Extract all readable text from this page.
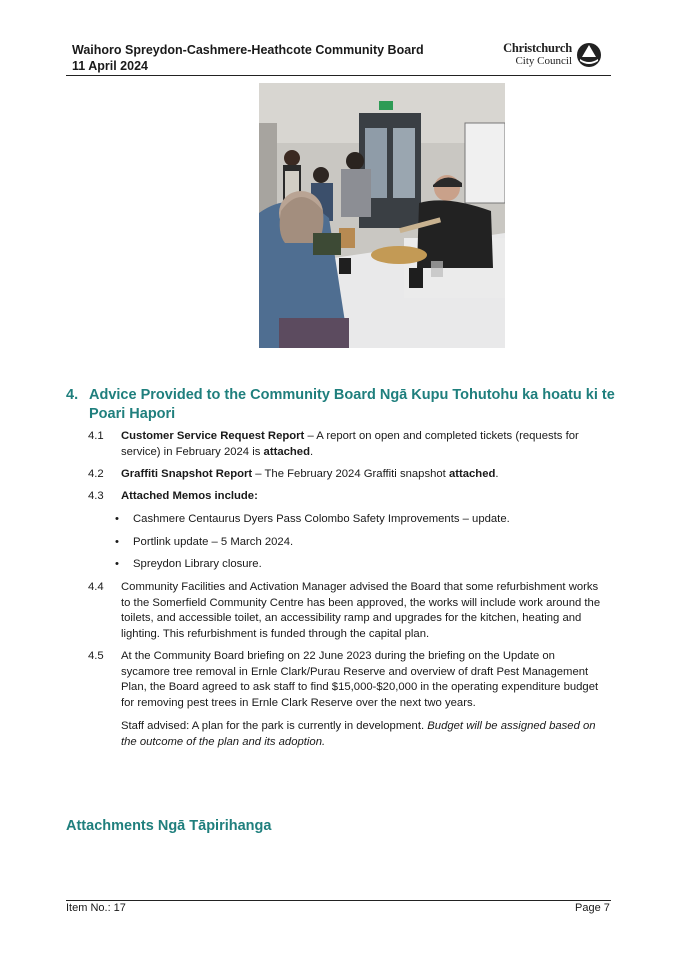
Waihoro Spreydon-Cashmere-Heathcote Community Board
11 April 2024
Christchurch
City Council
4. Advice Provided to the Community Board Ngā Kupu Tohutohu ka hoatu ki te Poari Hapori
4.1 Customer Service Request Report – A report on open and completed tickets (requests for service) in February 2024 is attached.
4.2 Graffiti Snapshot Report – The February 2024 Graffiti snapshot attached.
4.3 Attached Memos include:
• Cashmere Centaurus Dyers Pass Colombo Safety Improvements – update.
• Portlink update – 5 March 2024.
• Spreydon Library closure.
4.4 Community Facilities and Activation Manager advised the Board that some refurbishment works to the Somerfield Community Centre has been approved, the works will include work around the toilets, and accessible toilet, an accessibility ramp and upgrades for the kitchen, heating and lighting. This refurbishment is funded through the capital plan.
4.5 At the Community Board briefing on 22 June 2023 during the briefing on the Update on sycamore tree removal in Ernle Clark/Purau Reserve and overview of draft Pest Management Plan, the Board agreed to ask staff to find $15,000-$20,000 in the operating expenditure budget for removing pest trees in Ernle Clark Reserve over the next two years.
Staff advised: A plan for the park is currently in development. Budget will be assigned based on the outcome of the plan and its adoption.
Attachments Ngā Tāpirihanga
Item No.: 17	Page 7
